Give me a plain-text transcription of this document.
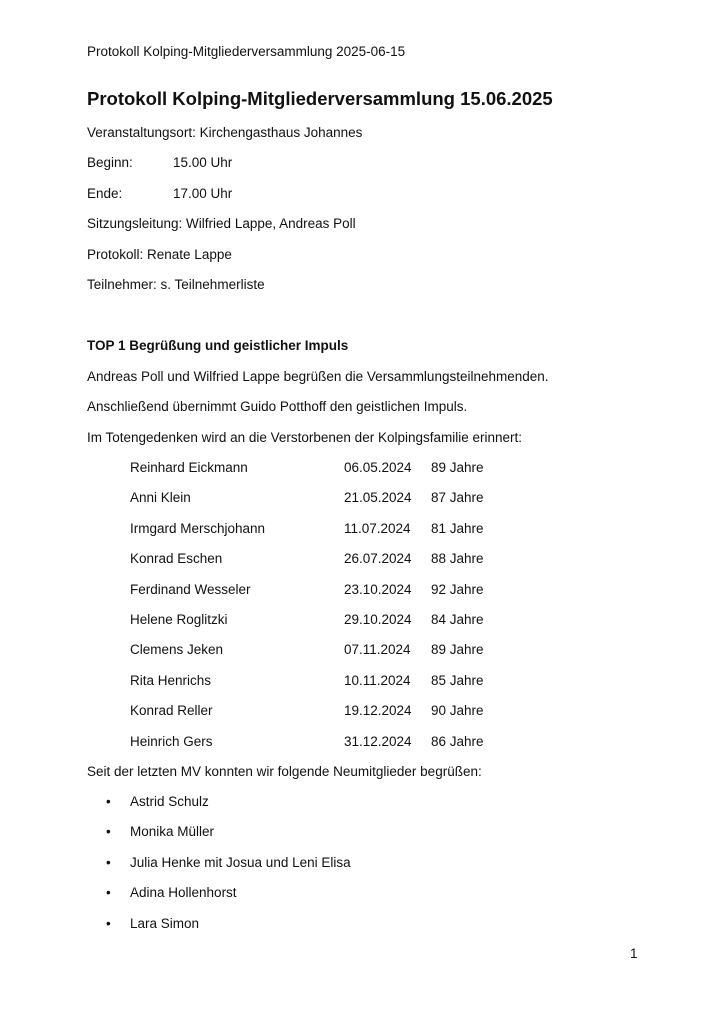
Protokoll Kolping-Mitgliederversammlung 2025-06-15
Protokoll Kolping-Mitgliederversammlung 15.06.2025
Veranstaltungsort: Kirchengasthaus Johannes
Beginn:	15.00 Uhr
Ende:	17.00 Uhr
Sitzungsleitung: Wilfried Lappe, Andreas Poll
Protokoll: Renate Lappe
Teilnehmer: s. Teilnehmerliste
TOP 1 Begrüßung und geistlicher Impuls
Andreas Poll und Wilfried Lappe begrüßen die Versammlungsteilnehmenden.
Anschließend übernimmt Guido Potthoff den geistlichen Impuls.
Im Totengedenken wird an die Verstorbenen der Kolpingsfamilie erinnert:
Reinhard Eickmann	06.05.2024 89 Jahre
Anni Klein	21.05.2024 87 Jahre
Irmgard Merschjohann	11.07.2024 81 Jahre
Konrad Eschen	26.07.2024 88 Jahre
Ferdinand Wesseler	23.10.2024 92 Jahre
Helene Roglitzki	29.10.2024 84 Jahre
Clemens Jeken	07.11.2024 89 Jahre
Rita Henrichs	10.11.2024 85 Jahre
Konrad Reller	19.12.2024 90 Jahre
Heinrich Gers	31.12.2024 86 Jahre
Seit der letzten MV konnten wir folgende Neumitglieder begrüßen:
• Astrid Schulz
• Monika Müller
• Julia Henke mit Josua und Leni Elisa
• Adina Hollenhorst
• Lara Simon
1
